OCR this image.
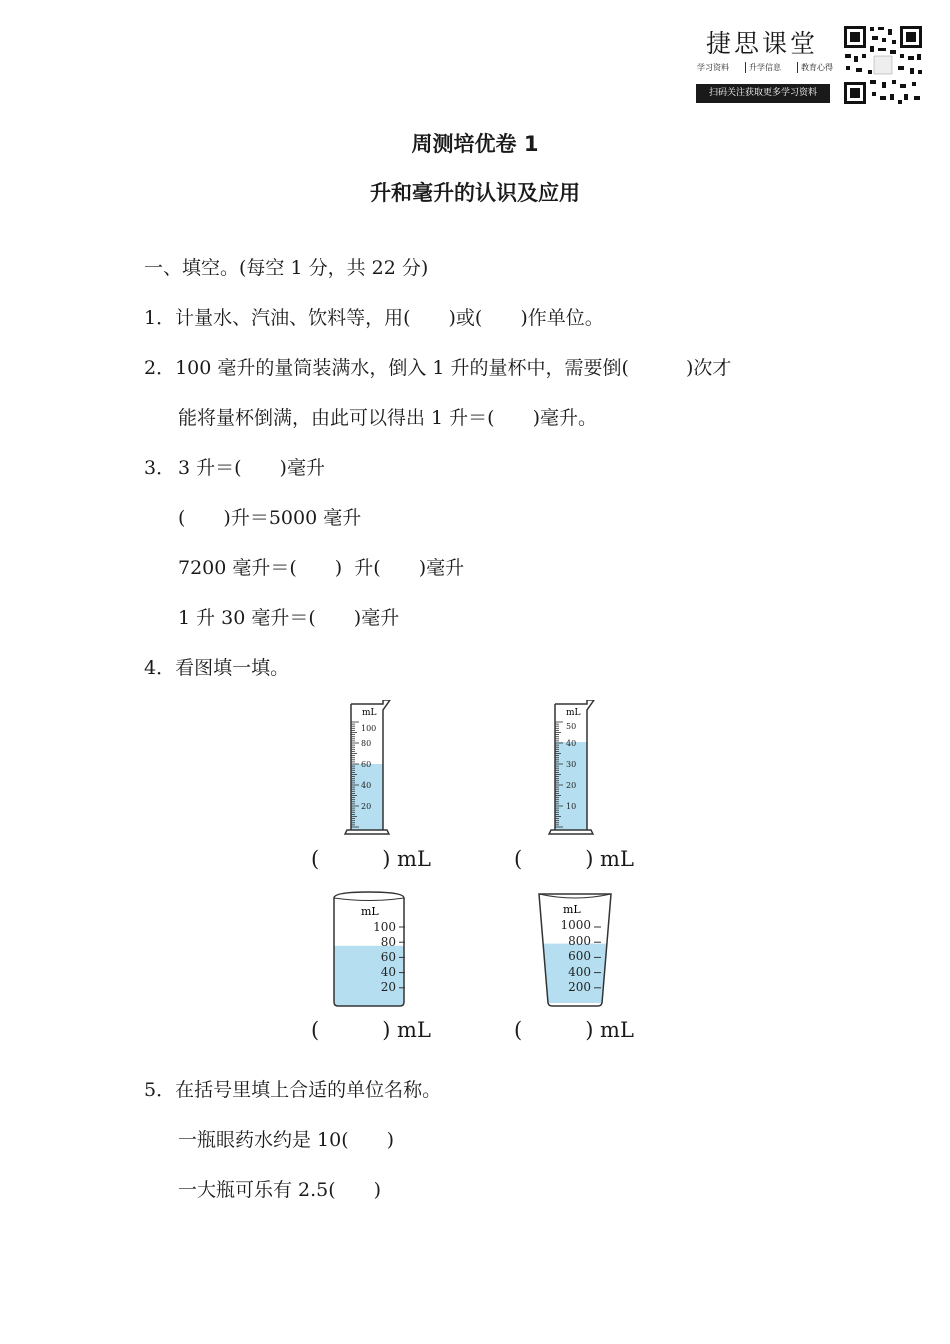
捷思课堂
学习资料	升学信息	教育心得
扫码关注获取更多学习资料
周测培优卷 1
升和毫升的认识及应用
一、填空。(每空 1 分，共 22 分)
1．计量水、汽油、饮料等，用(　　)或(　　)作单位。
2．100 毫升的量筒装满水，倒入 1 升的量杯中，需要倒(　　　)次才
能将量杯倒满，由此可以得出 1 升＝(　　)毫升。
3． 3 升＝(　　)毫升
(　　)升＝5000 毫升
7200 毫升＝(　　)  升(　　)毫升
1 升 30 毫升＝(　　)毫升
4．看图填一填。
mL
100
80
60
40
20
mL
50
40
30
20
10
(　　　) mL	(　　　) mL
mL
100
80
60
40
20
mL
1000
800
600
400
200
(　　　) mL	(　　　) mL
5．在括号里填上合适的单位名称。
一瓶眼药水约是 10(　　)
一大瓶可乐有 2.5(　　)
